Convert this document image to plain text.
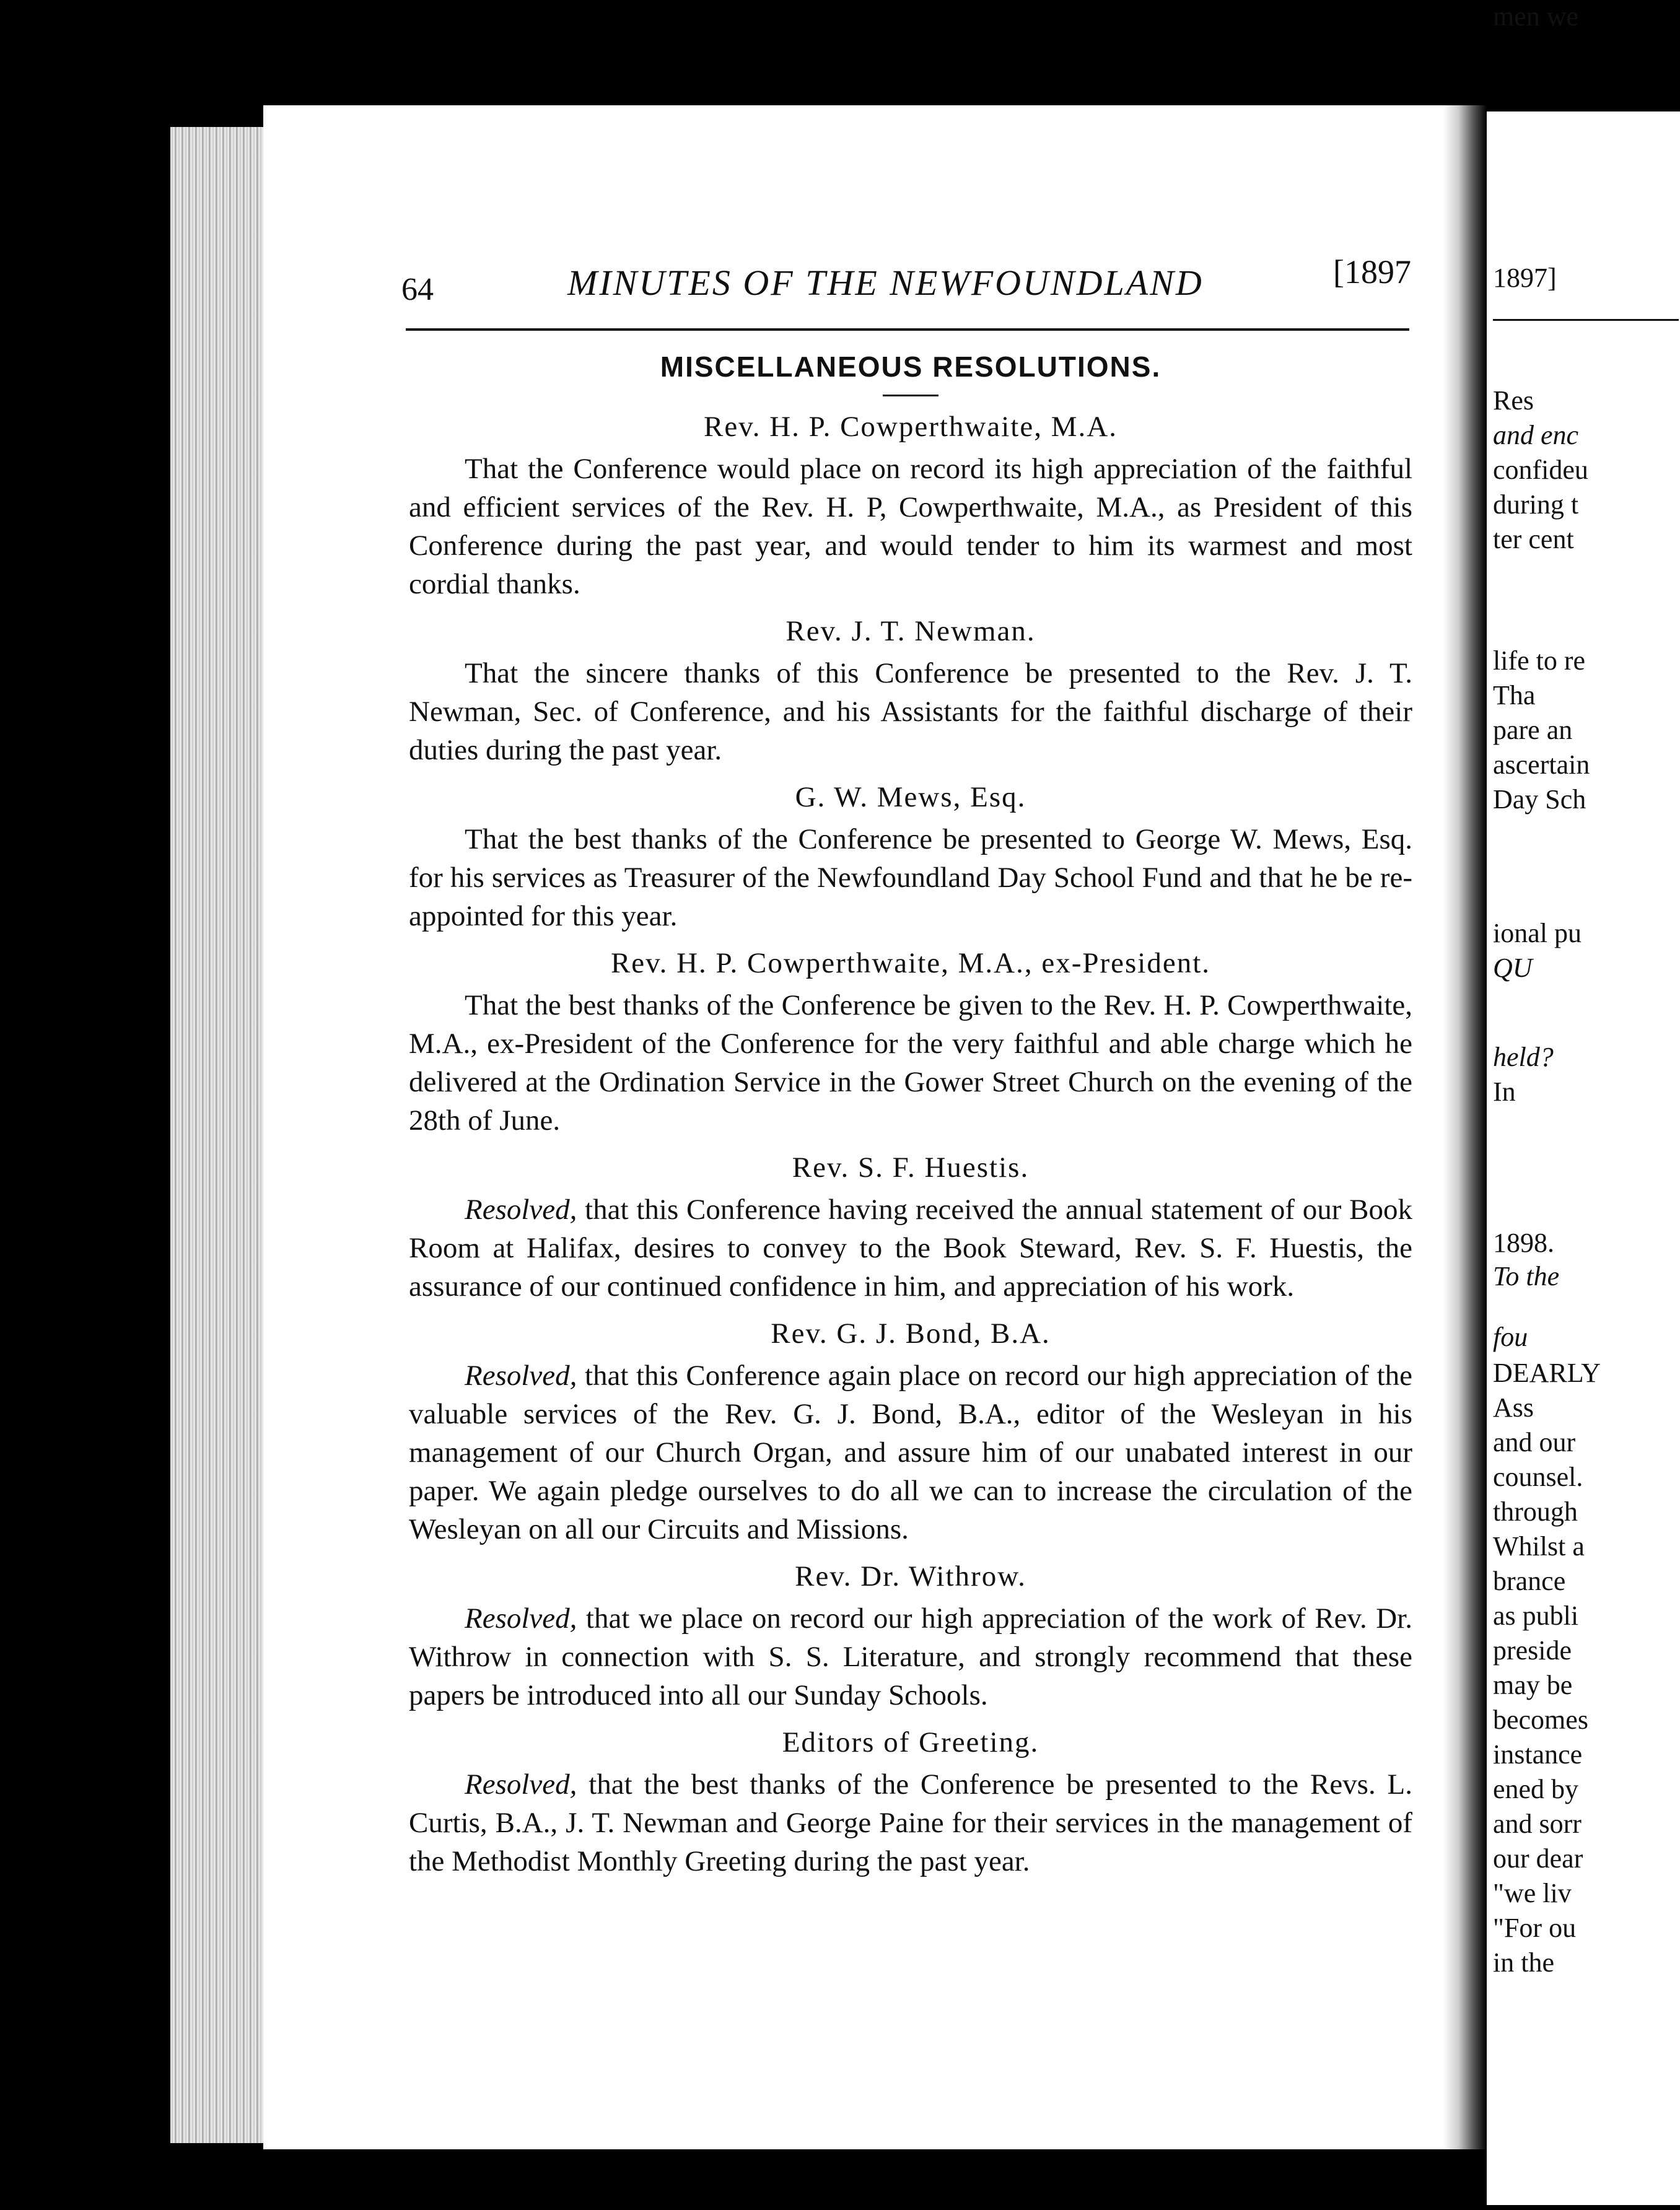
64	MINUTES OF THE NEWFOUNDLAND	[1897
MISCELLANEOUS RESOLUTIONS.
Rev. H. P. Cowperthwaite, M.A.

That the Conference would place on record its high appreciation of the faithful and efficient services of the Rev. H. P, Cowperthwaite, M.A., as President of this Conference during the past year, and would tender to him its warmest and most cordial thanks.

Rev. J. T. Newman.

That the sincere thanks of this Conference be presented to the Rev. J. T. Newman, Sec. of Conference, and his Assistants for the faithful discharge of their duties during the past year.

G. W. Mews, Esq.

That the best thanks of the Conference be presented to George W. Mews, Esq. for his services as Treasurer of the Newfoundland Day School Fund and that he be re-appointed for this year.

Rev. H. P. Cowperthwaite, M.A., ex-President.

That the best thanks of the Conference be given to the Rev. H. P. Cowperthwaite, M.A., ex-President of the Conference for the very faithful and able charge which he delivered at the Ordination Service in the Gower Street Church on the evening of the 28th of June.

Rev. S. F. Huestis.

Resolved, that this Conference having received the annual statement of our Book Room at Halifax, desires to convey to the Book Steward, Rev. S. F. Huestis, the assurance of our continued confidence in him, and appreciation of his work.

Rev. G. J. Bond, B.A.

Resolved, that this Conference again place on record our high appreciation of the valuable services of the Rev. G. J. Bond, B.A., editor of the Wesleyan in his management of our Church Organ, and assure him of our unabated interest in our paper. We again pledge ourselves to do all we can to increase the circulation of the Wesleyan on all our Circuits and Missions.

Rev. Dr. Withrow.

Resolved, that we place on record our high appreciation of the work of Rev. Dr. Withrow in connection with S. S. Literature, and strongly recommend that these papers be introduced into all our Sunday Schools.

Editors of Greeting.

Resolved, that the best thanks of the Conference be presented to the Revs. L. Curtis, B.A., J. T. Newman and George Paine for their services in the management of the Methodist Monthly Greeting during the past year.

1897]
Res
and enc
confideu
during t
ter cent
life to re
Tha
pare an
ascertain
Day Sch
ional pu
QU
held?
In
1898.
To the
fou
DEARLY
Ass
and our
counsel.
through
Whilst a
brance
as publi
preside
may be
becomes
instance
ened by
and sorr
our dear
"we liv
"For ou
in the
men we
